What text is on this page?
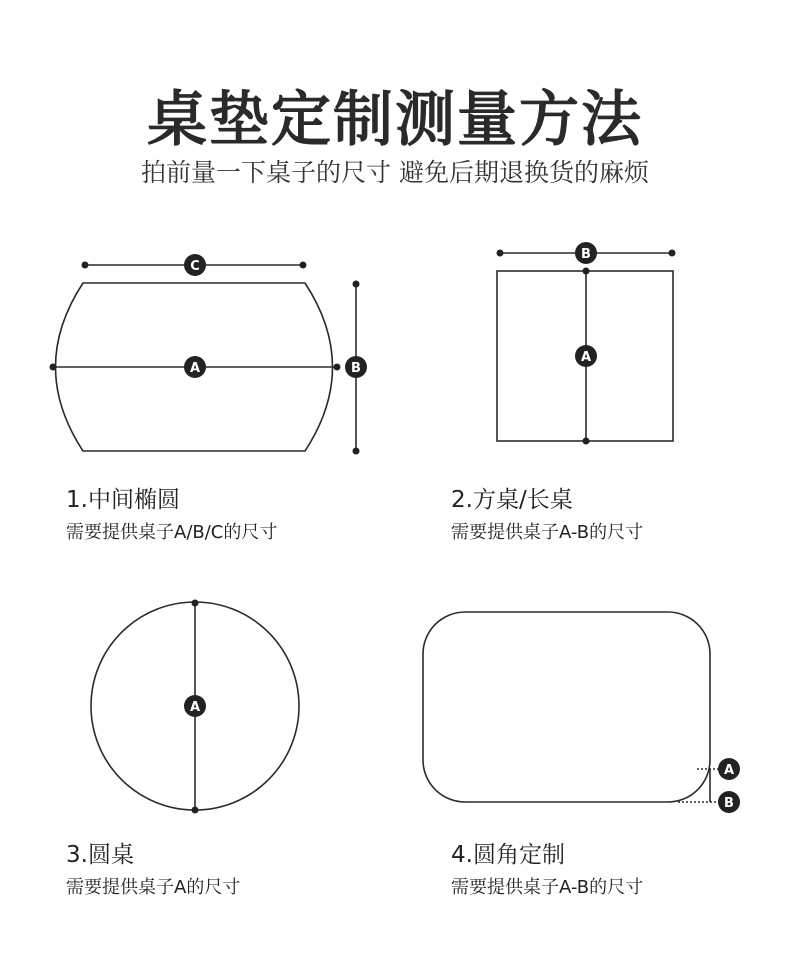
桌垫定制测量方法
拍前量一下桌子的尺寸 避免后期退换货的麻烦
A
C
B
B
A
A
A
B
1.中间椭圆
需要提供桌子A/B/C的尺寸
2.方桌/长桌
需要提供桌子A-B的尺寸
3.圆桌
需要提供桌子A的尺寸
4.圆角定制
需要提供桌子A-B的尺寸
